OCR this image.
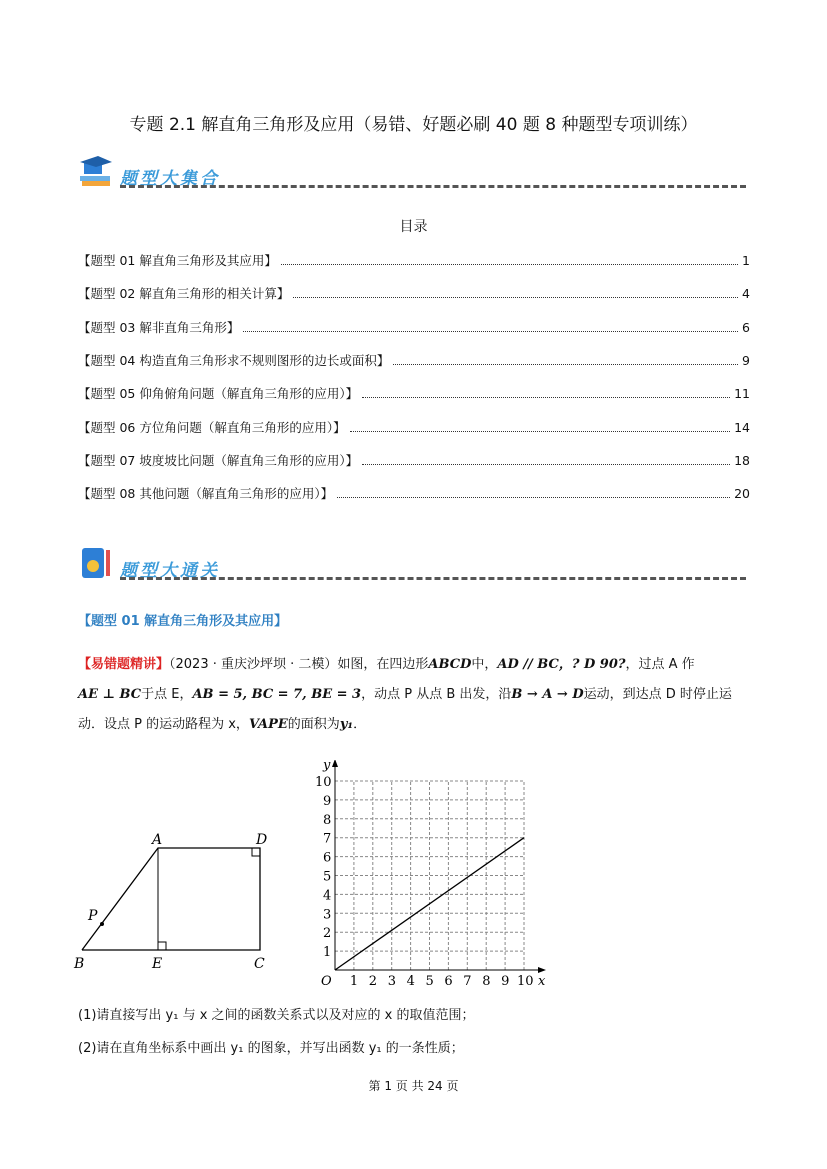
专题 2.1 解直角三角形及应用（易错、好题必刷 40 题 8 种题型专项训练）
题型大集合
目录
【题型 01 解直角三角形及其应用】	1
【题型 02 解直角三角形的相关计算】	4
【题型 03 解非直角三角形】	6
【题型 04 构造直角三角形求不规则图形的边长或面积】	9
【题型 05 仰角俯角问题（解直角三角形的应用）】	11
【题型 06 方位角问题（解直角三角形的应用）】	14
【题型 07 坡度坡比问题（解直角三角形的应用）】	18
【题型 08 其他问题（解直角三角形的应用）】	20
题型大通关
【题型 01 解直角三角形及其应用】
【易错题精讲】（2023 · 重庆沙坪坝 · 二模）如图，在四边形ABCD中，AD // BC，? D 90?，过点 A 作
AE ⊥ BC于点 E，AB = 5, BC = 7, BE = 3，动点 P 从点 B 出发，沿B → A → D运动，到达点 D 时停止运
动．设点 P 的运动路程为 x，VAPE的面积为y₁．
A	D
B	E	C
P
1
1
2
2
3
3
4
4
5
5
6
6
7
7
8
8
9
9
10
10
x
y
O
(1)请直接写出 y₁ 与 x 之间的函数关系式以及对应的 x 的取值范围；
(2)请在直角坐标系中画出 y₁ 的图象，并写出函数 y₁ 的一条性质；
第 1 页 共 24 页
